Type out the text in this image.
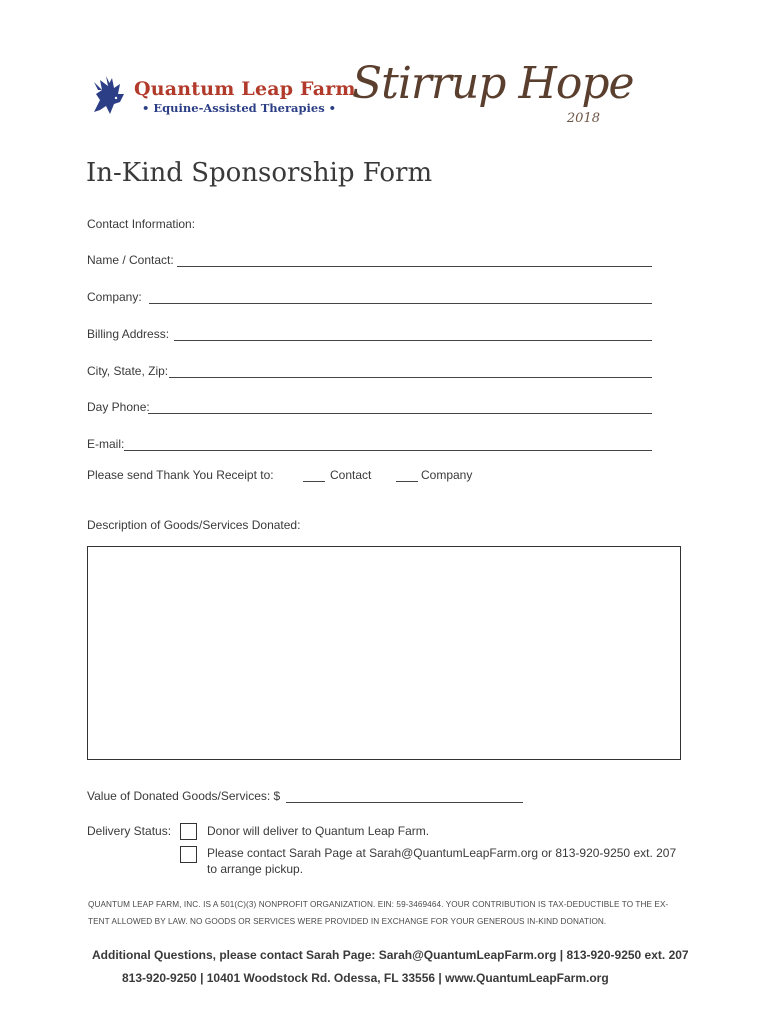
Quantum Leap Farm
• Equine-Assisted Therapies • Stirrup Hope
2018
In-Kind Sponsorship Form
Contact Information:
Name / Contact:
Company:
Billing Address:
City, State, Zip:
Day Phone:
E-mail:
Please send Thank You Receipt to:	Contact	Company
Description of Goods/Services Donated:
Value of Donated Goods/Services: $
Delivery Status:	Donor will deliver to Quantum Leap Farm.
Please contact Sarah Page at Sarah@QuantumLeapFarm.org or 813-920-9250 ext. 207
to arrange pickup.
QUANTUM LEAP FARM, INC. IS A 501(C)(3) NONPROFIT ORGANIZATION. EIN: 59-3469464. YOUR CONTRIBUTION IS TAX-DEDUCTIBLE TO THE EX-
TENT ALLOWED BY LAW. NO GOODS OR SERVICES WERE PROVIDED IN EXCHANGE FOR YOUR GENEROUS IN-KIND DONATION.
Additional Questions, please contact Sarah Page: Sarah@QuantumLeapFarm.org | 813-920-9250 ext. 207
813-920-9250 | 10401 Woodstock Rd. Odessa, FL 33556 | www.QuantumLeapFarm.org
